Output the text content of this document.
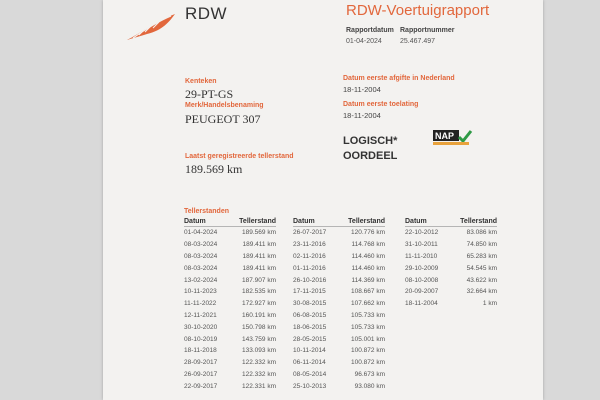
RDW	RDW-Voertuigrapport
Rapportdatum
01-04-2024
Rapportnummer
25.467.497
Kenteken
29-PT-GS
Merk/Handelsbenaming
PEUGEOT 307
Laatst geregistreerde tellerstand
189.569 km
Datum eerste afgifte in Nederland
18-11-2004
Datum eerste toelating
18-11-2004
LOGISCH*
OORDEEL
NAP
Tellerstanden
Datum	Tellerstand
01-04-2024	189.569 km
08-03-2024	189.411 km
08-03-2024	189.411 km
08-03-2024	189.411 km
13-02-2024	187.907 km
10-11-2023	182.535 km
11-11-2022	172.927 km
12-11-2021	160.191 km
30-10-2020	150.798 km
08-10-2019	143.759 km
18-11-2018	133.093 km
28-09-2017	122.332 km
26-09-2017	122.332 km
22-09-2017	122.331 km
Datum	Tellerstand
26-07-2017	120.776 km
23-11-2016	114.768 km
02-11-2016	114.460 km
01-11-2016	114.460 km
26-10-2016	114.369 km
17-11-2015	108.667 km
30-08-2015	107.662 km
06-08-2015	105.733 km
18-06-2015	105.733 km
28-05-2015	105.001 km
10-11-2014	100.872 km
06-11-2014	100.872 km
08-05-2014	96.673 km
25-10-2013	93.080 km
Datum	Tellerstand
22-10-2012	83.086 km
31-10-2011	74.850 km
11-11-2010	65.283 km
29-10-2009	54.545 km
08-10-2008	43.622 km
20-09-2007	32.664 km
18-11-2004	1 km
